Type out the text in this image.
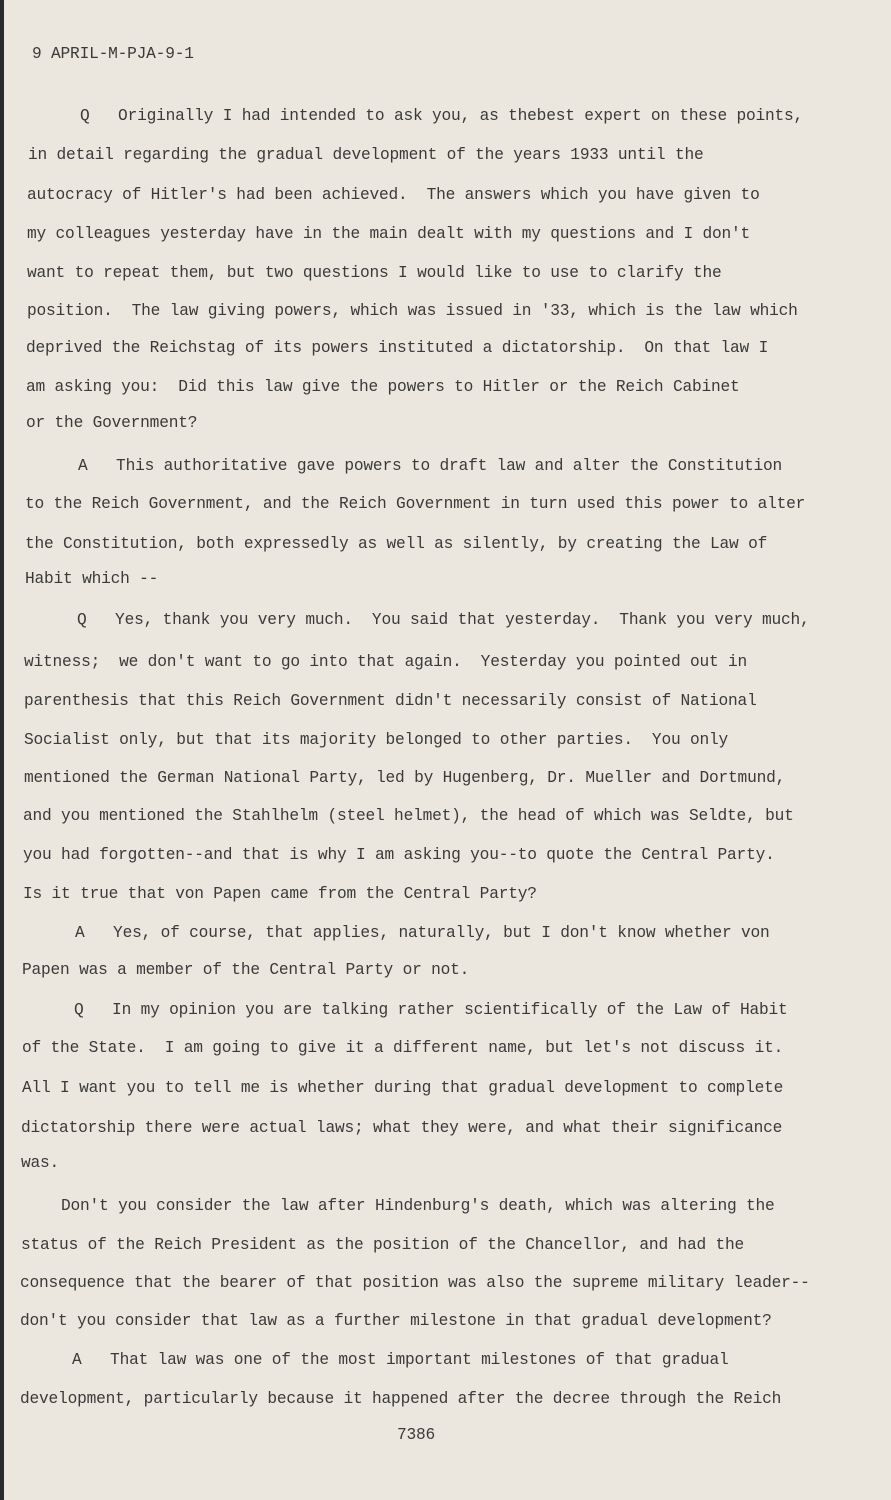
9 APRIL-M-PJA-9-1
Q   Originally I had intended to ask you, as thebest expert on these points,
in detail regarding the gradual development of the years 1933 until the
autocracy of Hitler's had been achieved.  The answers which you have given to
my colleagues yesterday have in the main dealt with my questions and I don't
want to repeat them, but two questions I would like to use to clarify the
position.  The law giving powers, which was issued in '33, which is the law which
deprived the Reichstag of its powers instituted a dictatorship.  On that law I
am asking you:  Did this law give the powers to Hitler or the Reich Cabinet
or the Government?
A   This authoritative gave powers to draft law and alter the Constitution
to the Reich Government, and the Reich Government in turn used this power to alter
the Constitution, both expressedly as well as silently, by creating the Law of
Habit which --
Q   Yes, thank you very much.  You said that yesterday.  Thank you very much,
witness;  we don't want to go into that again.  Yesterday you pointed out in
parenthesis that this Reich Government didn't necessarily consist of National
Socialist only, but that its majority belonged to other parties.  You only
mentioned the German National Party, led by Hugenberg, Dr. Mueller and Dortmund,
and you mentioned the Stahlhelm (steel helmet), the head of which was Seldte, but
you had forgotten--and that is why I am asking you--to quote the Central Party.
Is it true that von Papen came from the Central Party?
A   Yes, of course, that applies, naturally, but I don't know whether von
Papen was a member of the Central Party or not.
Q   In my opinion you are talking rather scientifically of the Law of Habit
of the State.  I am going to give it a different name, but let's not discuss it.
All I want you to tell me is whether during that gradual development to complete
dictatorship there were actual laws; what they were, and what their significance
was.
Don't you consider the law after Hindenburg's death, which was altering the
status of the Reich President as the position of the Chancellor, and had the
consequence that the bearer of that position was also the supreme military leader--
don't you consider that law as a further milestone in that gradual development?
A   That law was one of the most important milestones of that gradual
development, particularly because it happened after the decree through the Reich
7386
